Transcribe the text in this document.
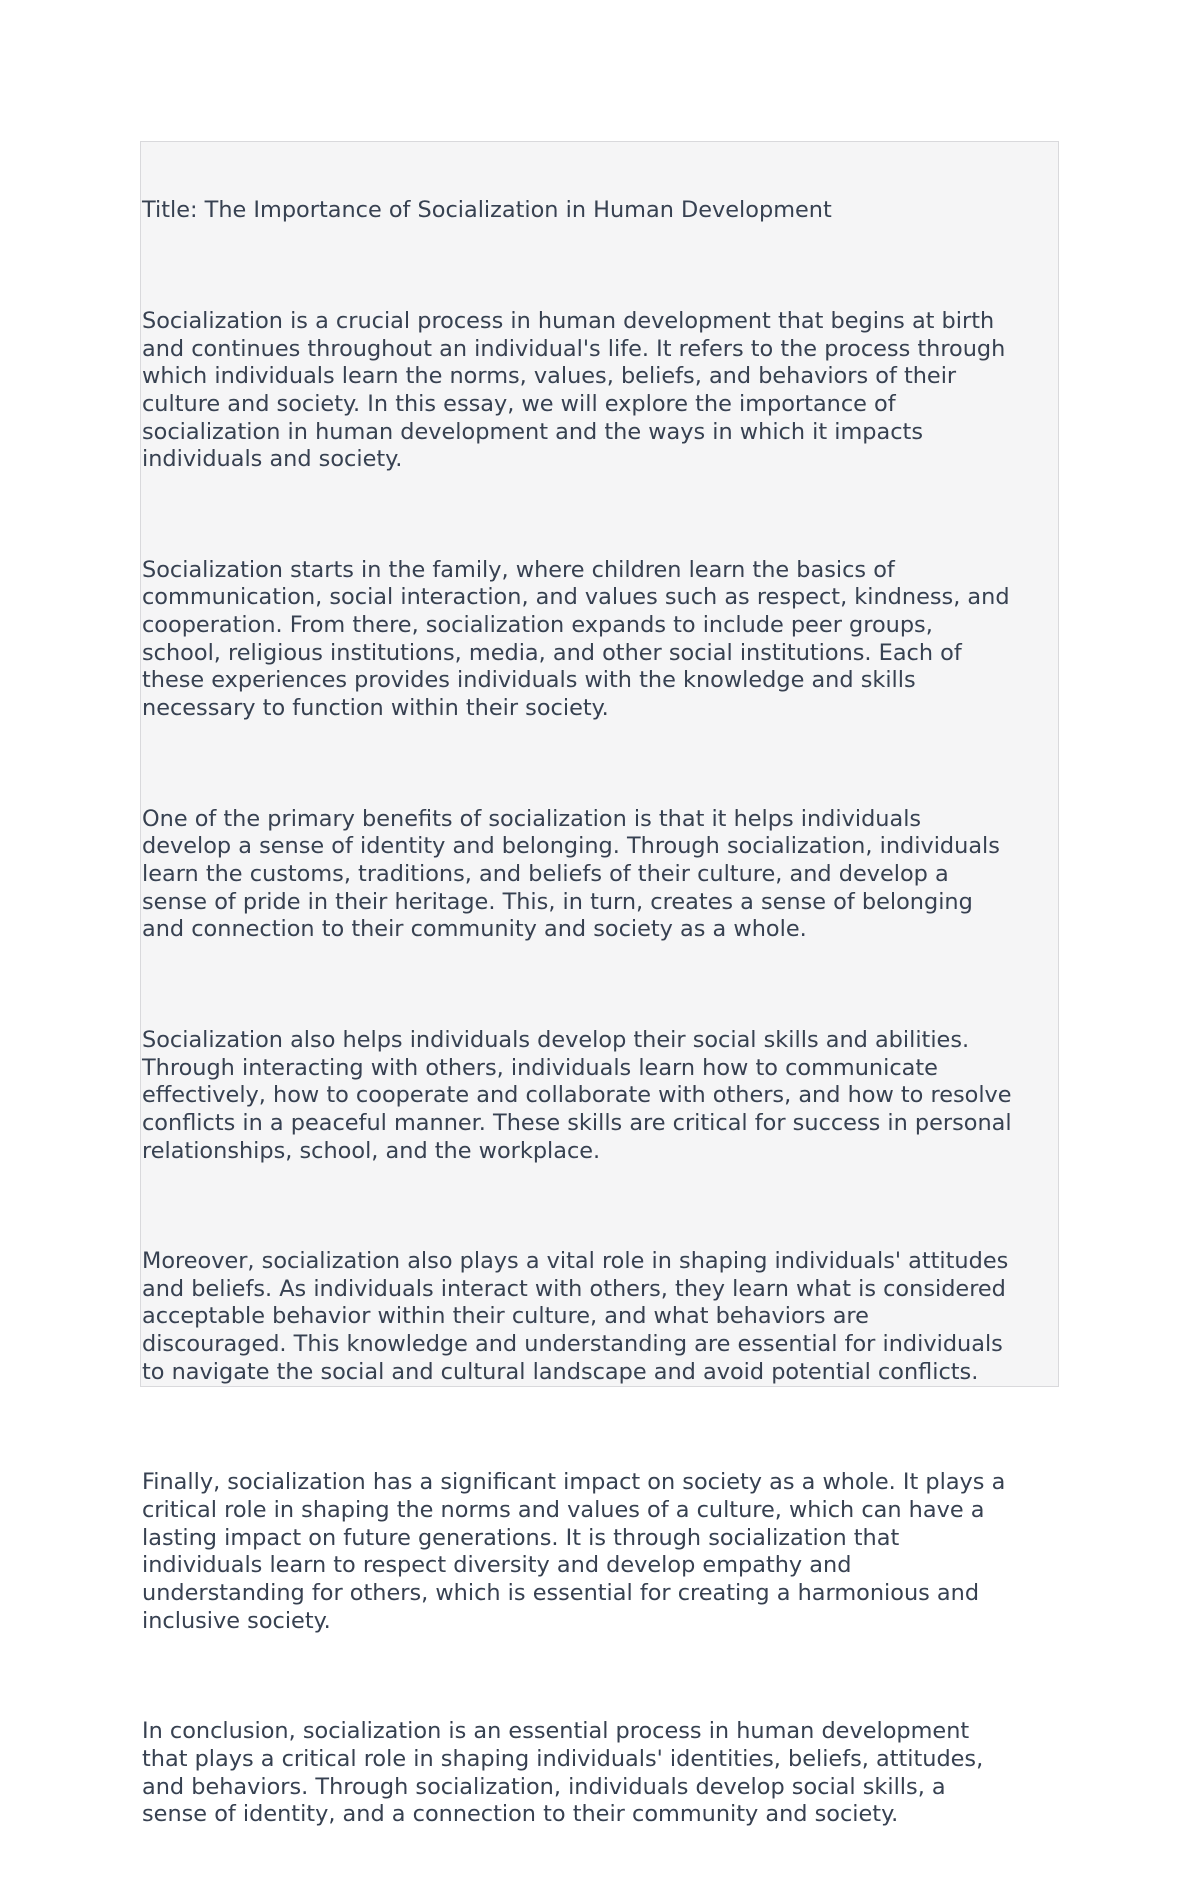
Title: The Importance of Socialization in Human Development

Socialization is a crucial process in human development that begins at birth
and continues throughout an individual's life. It refers to the process through
which individuals learn the norms, values, beliefs, and behaviors of their
culture and society. In this essay, we will explore the importance of
socialization in human development and the ways in which it impacts
individuals and society.

Socialization starts in the family, where children learn the basics of
communication, social interaction, and values such as respect, kindness, and
cooperation. From there, socialization expands to include peer groups,
school, religious institutions, media, and other social institutions. Each of
these experiences provides individuals with the knowledge and skills
necessary to function within their society.

One of the primary benefits of socialization is that it helps individuals
develop a sense of identity and belonging. Through socialization, individuals
learn the customs, traditions, and beliefs of their culture, and develop a
sense of pride in their heritage. This, in turn, creates a sense of belonging
and connection to their community and society as a whole.

Socialization also helps individuals develop their social skills and abilities.
Through interacting with others, individuals learn how to communicate
effectively, how to cooperate and collaborate with others, and how to resolve
conflicts in a peaceful manner. These skills are critical for success in personal
relationships, school, and the workplace.

Moreover, socialization also plays a vital role in shaping individuals' attitudes
and beliefs. As individuals interact with others, they learn what is considered
acceptable behavior within their culture, and what behaviors are
discouraged. This knowledge and understanding are essential for individuals
to navigate the social and cultural landscape and avoid potential conflicts.

Finally, socialization has a significant impact on society as a whole. It plays a
critical role in shaping the norms and values of a culture, which can have a
lasting impact on future generations. It is through socialization that
individuals learn to respect diversity and develop empathy and
understanding for others, which is essential for creating a harmonious and
inclusive society.

In conclusion, socialization is an essential process in human development
that plays a critical role in shaping individuals' identities, beliefs, attitudes,
and behaviors. Through socialization, individuals develop social skills, a
sense of identity, and a connection to their community and society.
